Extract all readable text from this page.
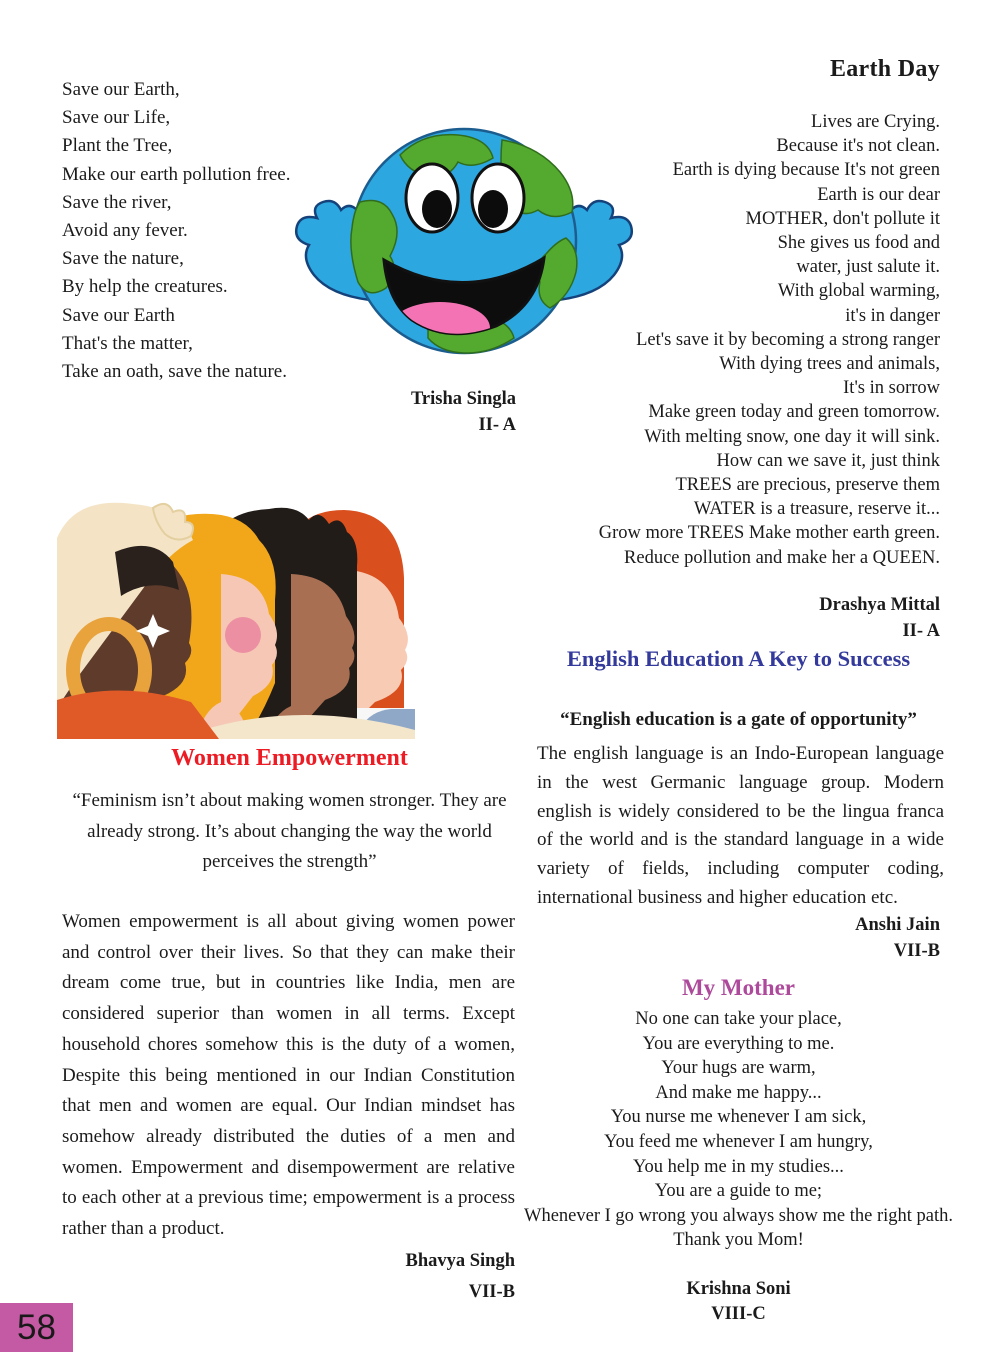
Save our Earth,
Save our Life,
Plant the Tree,
Make our earth pollution free.
Save the river,
Avoid any fever.
Save the nature,
By help the creatures.
Save our Earth
That's the matter,
Take an oath, save the nature.
Trisha Singla
II- A
Earth Day
Lives are Crying.
Because it's not clean.
Earth is dying because It's not green
Earth is our dear
MOTHER, don't pollute it
She gives us food and
water, just salute it.
With global warming,
it's in danger
Let's save it by becoming a strong ranger
With dying trees and animals,
It's in sorrow
Make green today and green tomorrow.
With melting snow, one day it will sink.
How can we save it, just think
TREES are precious, preserve them
WATER is a treasure, reserve it...
Grow more TREES Make mother earth green.
Reduce pollution and make her a QUEEN.
Drashya Mittal
II- A
English Education A Key to Success
“English education is a gate of opportunity”
The english language is an Indo-European language in the west Germanic language group. Modern english is widely considered to be the lingua franca of the world and is the standard language in a wide variety of fields, including computer coding, international business and higher education etc.
Anshi Jain
VII-B
My Mother
No one can take your place,
You are everything to me.
Your hugs are warm,
And make me happy...
You nurse me whenever I am sick,
You feed me whenever I am hungry,
You help me in my studies...
You are a guide to me;
Whenever I go wrong you always show me the right path.
Thank you Mom!
Krishna Soni
VIII-C
Women Empowerment
“Feminism isn’t about making women stronger. They are already strong. It’s about changing the way the world perceives the strength”
Women empowerment is all about giving women power and control over their lives. So that they can make their dream come true, but in countries like India, men are considered superior than women in all terms. Except household chores somehow this is the duty of a women, Despite this being mentioned in our Indian Constitution that men and women are equal. Our Indian mindset has somehow already distributed the duties of a men and women. Empowerment and disempowerment are relative to each other at a previous time; empowerment is a process rather than a product.
Bhavya Singh
VII-B
58
